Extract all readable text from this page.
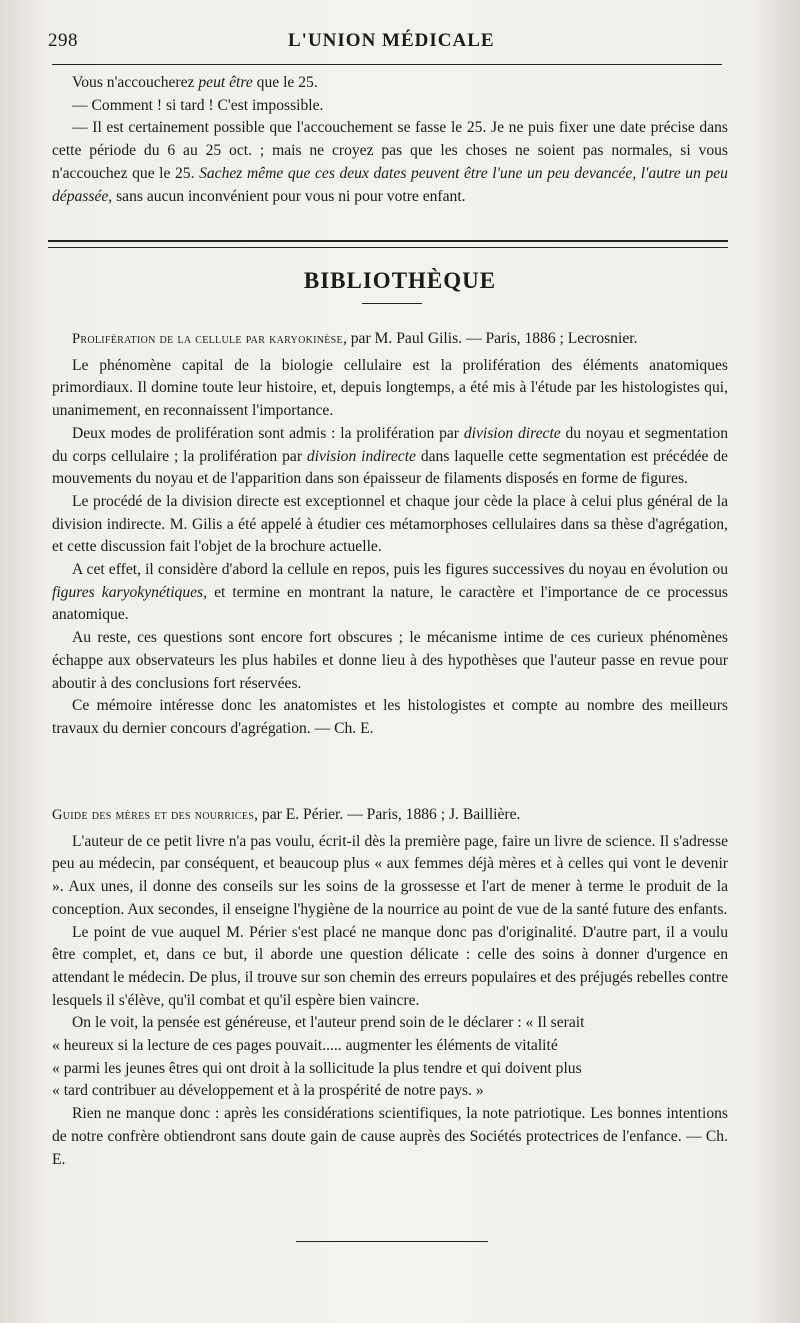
298	L'UNION MÉDICALE

Vous n'accoucherez peut être que le 25.

— Comment ! si tard ! C'est impossible.

— Il est certainement possible que l'accouchement se fasse le 25. Je ne puis fixer une date précise dans cette période du 6 au 25 oct. ; mais ne croyez pas que les choses ne soient pas normales, si vous n'accouchez que le 25. Sachez même que ces deux dates peuvent être l'une un peu devancée, l'autre un peu dépassée, sans aucun inconvénient pour vous ni pour votre enfant.

BIBLIOTHÈQUE

Prolifération de la cellule par karyokinèse, par M. Paul Gilis. — Paris, 1886 ; Lecrosnier.

Le phénomène capital de la biologie cellulaire est la prolifération des éléments anatomiques primordiaux. Il domine toute leur histoire, et, depuis longtemps, a été mis à l'étude par les histologistes qui, unanimement, en reconnaissent l'importance.

Deux modes de prolifération sont admis : la prolifération par division directe du noyau et segmentation du corps cellulaire ; la prolifération par division indirecte dans laquelle cette segmentation est précédée de mouvements du noyau et de l'apparition dans son épaisseur de filaments disposés en forme de figures.

Le procédé de la division directe est exceptionnel et chaque jour cède la place à celui plus général de la division indirecte. M. Gilis a été appelé à étudier ces métamorphoses cellulaires dans sa thèse d'agrégation, et cette discussion fait l'objet de la brochure actuelle.

A cet effet, il considère d'abord la cellule en repos, puis les figures successives du noyau en évolution ou figures karyokynétiques, et termine en montrant la nature, le caractère et l'importance de ce processus anatomique.

Au reste, ces questions sont encore fort obscures ; le mécanisme intime de ces curieux phénomènes échappe aux observateurs les plus habiles et donne lieu à des hypothèses que l'auteur passe en revue pour aboutir à des conclusions fort réservées.

Ce mémoire intéresse donc les anatomistes et les histologistes et compte au nombre des meilleurs travaux du dernier concours d'agrégation. — Ch. E.

Guide des mères et des nourrices, par E. Périer. — Paris, 1886 ; J. Baillière.

L'auteur de ce petit livre n'a pas voulu, écrit-il dès la première page, faire un livre de science. Il s'adresse peu au médecin, par conséquent, et beaucoup plus « aux femmes déjà mères et à celles qui vont le devenir ». Aux unes, il donne des conseils sur les soins de la grossesse et l'art de mener à terme le produit de la conception. Aux secondes, il enseigne l'hygiène de la nourrice au point de vue de la santé future des enfants.

Le point de vue auquel M. Périer s'est placé ne manque donc pas d'originalité. D'autre part, il a voulu être complet, et, dans ce but, il aborde une question délicate : celle des soins à donner d'urgence en attendant le médecin. De plus, il trouve sur son chemin des erreurs populaires et des préjugés rebelles contre lesquels il s'élève, qu'il combat et qu'il espère bien vaincre.

On le voit, la pensée est généreuse, et l'auteur prend soin de le déclarer : « Il serait

« heureux si la lecture de ces pages pouvait..... augmenter les éléments de vitalité

« parmi les jeunes êtres qui ont droit à la sollicitude la plus tendre et qui doivent plus

« tard contribuer au développement et à la prospérité de notre pays. »

Rien ne manque donc : après les considérations scientifiques, la note patriotique. Les bonnes intentions de notre confrère obtiendront sans doute gain de cause auprès des Sociétés protectrices de l'enfance. — Ch. E.
